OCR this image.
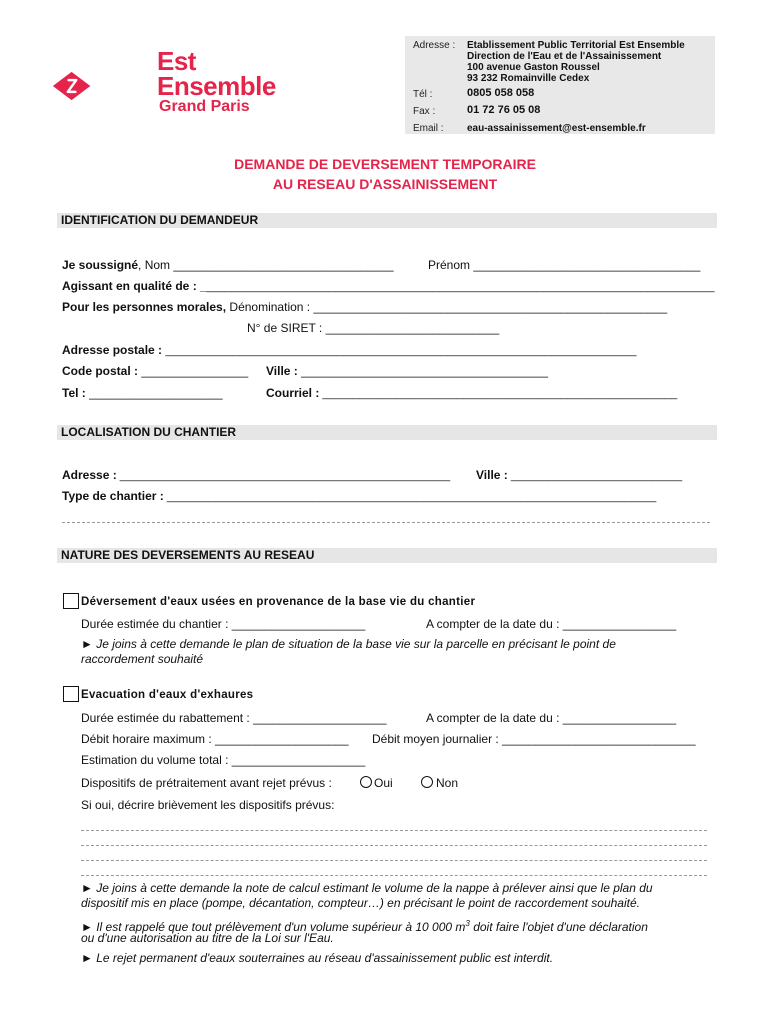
Est
Ensemble
Grand Paris
Adresse : Etablissement Public Territorial Est Ensemble
Direction de l'Eau et de l'Assainissement
100 avenue Gaston Roussel
93 232 Romainville Cedex
Tél :	0805 058 058
Fax :	01 72 76 05 08
Email : eau-assainissement@est-ensemble.fr
DEMANDE DE DEVERSEMENT TEMPORAIRE
AU RESEAU D'ASSAINISSEMENT
IDENTIFICATION DU DEMANDEUR
Je soussigné, Nom _________________________________	Prénom __________________________________
Agissant en qualité de : ____________________________________________________________________________________
Pour les personnes morales, Dénomination : _____________________________________________________
N° de SIRET : __________________________
Adresse postale : _____________________________________________________________________________
Code postal : ________________ Ville : _____________________________________
Tel : ____________________	Courriel : __________________________________________________________
LOCALISATION DU CHANTIER
Adresse : ______________________________________________________ Ville : ____________________________
Type de chantier : ________________________________________________________________________________
NATURE DES DEVERSEMENTS AU RESEAU
Déversement d'eaux usées en provenance de la base vie du chantier
Durée estimée du chantier : ____________________	A compter de la date du : _________________
► Je joins à cette demande le plan de situation de la base vie sur la parcelle en précisant le point de
raccordement souhaité
Evacuation d'eaux d'exhaures
Durée estimée du rabattement : ____________________	A compter de la date du : _________________
Débit horaire maximum : ____________________ Débit moyen journalier : _____________________________
Estimation du volume total : ____________________
Dispositifs de prétraitement avant rejet prévus :	Oui	Non
Si oui, décrire brièvement les dispositifs prévus:
► Je joins à cette demande la note de calcul estimant le volume de la nappe à prélever ainsi que le plan du
dispositif mis en place (pompe, décantation, compteur…) en précisant le point de raccordement souhaité.
► Il est rappelé que tout prélèvement d'un volume supérieur à 10 000 $m^3$ doit faire l'objet d'une déclaration
ou d'une autorisation au titre de la Loi sur l'Eau.
► Le rejet permanent d'eaux souterraines au réseau d'assainissement public est interdit.
